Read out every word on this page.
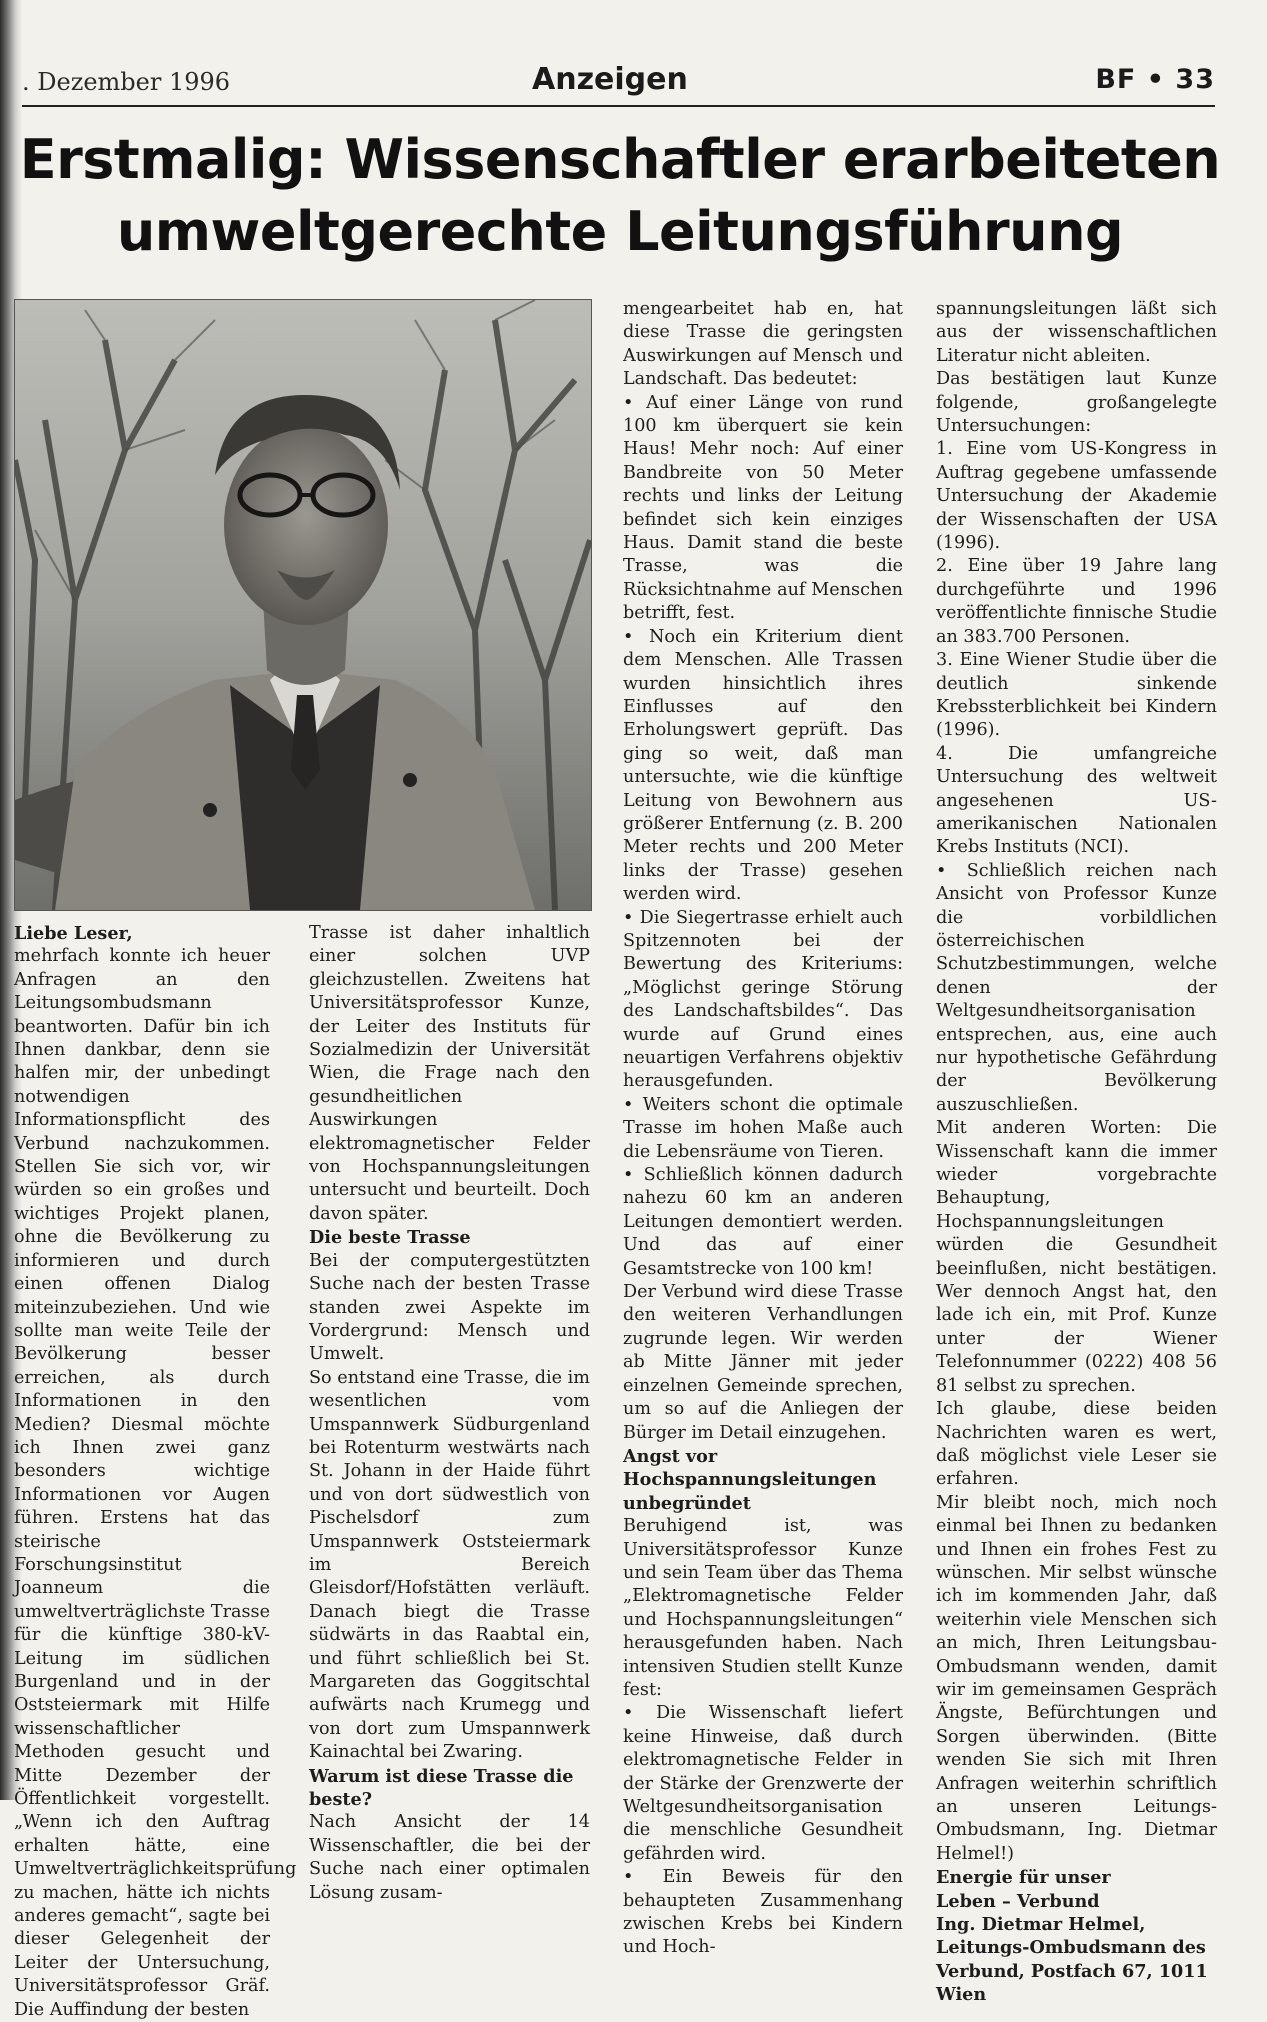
. Dezember 1996	Anzeigen	BF • 33
Erstmalig: Wissenschaftler erarbeiteten
umweltgerechte Leitungsführung

Liebe Leser,

mehrfach konnte ich heuer Anfragen an den Leitungsombudsmann beantworten. Dafür bin ich Ihnen dankbar, denn sie halfen mir, der unbedingt notwendigen Informationspflicht des Verbund nachzukommen. Stellen Sie sich vor, wir würden so ein großes und wichtiges Projekt planen, ohne die Bevölkerung zu informieren und durch einen offenen Dialog miteinzubeziehen. Und wie sollte man weite Teile der Bevölkerung besser erreichen, als durch Informationen in den Medien? Diesmal möchte ich Ihnen zwei ganz besonders wichtige Informationen vor Augen führen. Erstens hat das steirische Forschungsinstitut Joanneum die umweltverträglichste Trasse für die künftige 380-kV-Leitung im südlichen Burgenland und in der Oststeiermark mit Hilfe wissenschaftlicher Methoden gesucht und Mitte Dezember der Öffentlichkeit vorgestellt. „Wenn ich den Auftrag erhalten hätte, eine Umweltverträglichkeitsprüfung zu machen, hätte ich nichts anderes gemacht“, sagte bei dieser Gelegenheit der Leiter der Untersuchung, Universitätsprofessor Gräf. Die Auffindung der besten

Trasse ist daher inhaltlich einer solchen UVP gleichzustellen. Zweitens hat Universitätsprofessor Kunze, der Leiter des Instituts für Sozialmedizin der Universität Wien, die Frage nach den gesundheitlichen Auswirkungen elektromagnetischer Felder von Hochspannungsleitungen untersucht und beurteilt. Doch davon später.

Die beste Trasse

Bei der computergestützten Suche nach der besten Trasse standen zwei Aspekte im Vordergrund: Mensch und Umwelt.

So entstand eine Trasse, die im wesentlichen vom Umspannwerk Südburgenland bei Rotenturm westwärts nach St. Johann in der Haide führt und von dort südwestlich von Pischelsdorf zum Umspannwerk Oststeiermark im Bereich Gleisdorf/Hofstätten verläuft. Danach biegt die Trasse südwärts in das Raabtal ein, und führt schließlich bei St. Margareten das Goggitschtal aufwärts nach Krumegg und von dort zum Umspannwerk Kainachtal bei Zwaring.

Warum ist diese Trasse die beste?

Nach Ansicht der 14 Wissenschaftler, die bei der Suche nach einer optimalen Lösung zusam-

mengearbeitet hab en, hat diese Trasse die geringsten Auswirkungen auf Mensch und Landschaft. Das bedeutet:

• Auf einer Länge von rund 100 km überquert sie kein Haus! Mehr noch: Auf einer Bandbreite von 50 Meter rechts und links der Leitung befindet sich kein einziges Haus. Damit stand die beste Trasse, was die Rücksichtnahme auf Menschen betrifft, fest.

• Noch ein Kriterium dient dem Menschen. Alle Trassen wurden hinsichtlich ihres Einflusses auf den Erholungswert geprüft. Das ging so weit, daß man untersuchte, wie die künftige Leitung von Bewohnern aus größerer Entfernung (z. B. 200 Meter rechts und 200 Meter links der Trasse) gesehen werden wird.

• Die Siegertrasse erhielt auch Spitzennoten bei der Bewertung des Kriteriums: „Möglichst geringe Störung des Landschaftsbildes“. Das wurde auf Grund eines neuartigen Verfahrens objektiv herausgefunden.

• Weiters schont die optimale Trasse im hohen Maße auch die Lebensräume von Tieren.

• Schließlich können dadurch nahezu 60 km an anderen Leitungen demontiert werden. Und das auf einer Gesamtstrecke von 100 km!

Der Verbund wird diese Trasse den weiteren Verhandlungen zugrunde legen. Wir werden ab Mitte Jänner mit jeder einzelnen Gemeinde sprechen, um so auf die Anliegen der Bürger im Detail einzugehen.

Angst vor Hochspannungsleitungen unbegründet

Beruhigend ist, was Universitätsprofessor Kunze und sein Team über das Thema „Elektromagnetische Felder und Hochspannungsleitungen“ herausgefunden haben. Nach intensiven Studien stellt Kunze fest:

• Die Wissenschaft liefert keine Hinweise, daß durch elektromagnetische Felder in der Stärke der Grenzwerte der Weltgesundheitsorganisation die menschliche Gesundheit gefährden wird.

• Ein Beweis für den behaupteten Zusammenhang zwischen Krebs bei Kindern und Hoch-

spannungsleitungen läßt sich aus der wissenschaftlichen Literatur nicht ableiten.

Das bestätigen laut Kunze folgende, großangelegte Untersuchungen:

1. Eine vom US-Kongress in Auftrag gegebene umfassende Untersuchung der Akademie der Wissenschaften der USA (1996).

2. Eine über 19 Jahre lang durchgeführte und 1996 veröffentlichte finnische Studie an 383.700 Personen.

3. Eine Wiener Studie über die deutlich sinkende Krebssterblichkeit bei Kindern (1996).

4. Die umfangreiche Untersuchung des weltweit angesehenen US-amerikanischen Nationalen Krebs Instituts (NCI).

• Schließlich reichen nach Ansicht von Professor Kunze die vorbildlichen österreichischen Schutzbestimmungen, welche denen der Weltgesundheitsorganisation entsprechen, aus, eine auch nur hypothetische Gefährdung der Bevölkerung auszuschließen.

Mit anderen Worten: Die Wissenschaft kann die immer wieder vorgebrachte Behauptung, Hochspannungsleitungen würden die Gesundheit beeinflußen, nicht bestätigen. Wer dennoch Angst hat, den lade ich ein, mit Prof. Kunze unter der Wiener Telefonnummer (0222) 408 56 81 selbst zu sprechen.

Ich glaube, diese beiden Nachrichten waren es wert, daß möglichst viele Leser sie erfahren.

Mir bleibt noch, mich noch einmal bei Ihnen zu bedanken und Ihnen ein frohes Fest zu wünschen. Mir selbst wünsche ich im kommenden Jahr, daß weiterhin viele Menschen sich an mich, Ihren Leitungsbau-Ombudsmann wenden, damit wir im gemeinsamen Gespräch Ängste, Befürchtungen und Sorgen überwinden. (Bitte wenden Sie sich mit Ihren Anfragen weiterhin schriftlich an unseren Leitungs-Ombudsmann, Ing. Dietmar Helmel!)

Energie für unser

Leben – Verbund

Ing. Dietmar Helmel, Leitungs-Ombudsmann des Verbund, Postfach 67, 1011 Wien
